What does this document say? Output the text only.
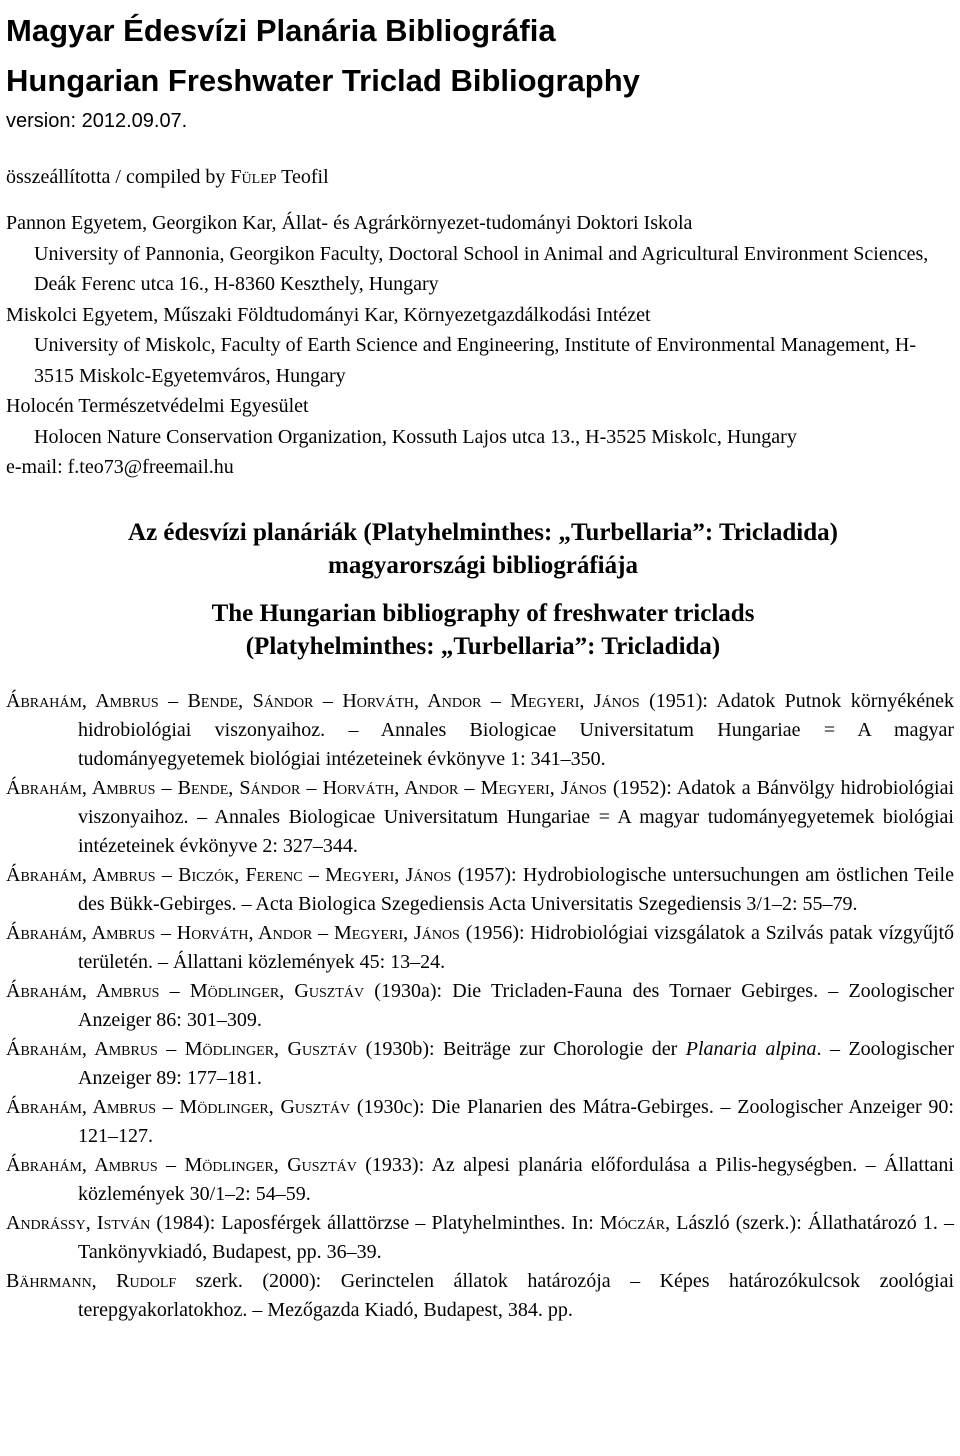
Magyar Édesvízi Planária Bibliográfia

Hungarian Freshwater Triclad Bibliography

version: 2012.09.07.

összeállította / compiled by Fülep Teofil

Pannon Egyetem, Georgikon Kar, Állat- és Agrárkörnyezet-tudományi Doktori Iskola

University of Pannonia, Georgikon Faculty, Doctoral School in Animal and Agricultural Environment Sciences, Deák Ferenc utca 16., H-8360 Keszthely, Hungary

Miskolci Egyetem, Műszaki Földtudományi Kar, Környezetgazdálkodási Intézet

University of Miskolc, Faculty of Earth Science and Engineering, Institute of Environmental Management, H-3515 Miskolc-Egyetemváros, Hungary

Holocén Természetvédelmi Egyesület

Holocen Nature Conservation Organization, Kossuth Lajos utca 13., H-3525 Miskolc, Hungary

e-mail: f.teo73@freemail.hu

Az édesvízi planáriák (Platyhelminthes: „Turbellaria”: Tricladida)

magyarországi bibliográfiája

The Hungarian bibliography of freshwater triclads

(Platyhelminthes: „Turbellaria”: Tricladida)

Ábrahám, Ambrus – Bende, Sándor – Horváth, Andor – Megyeri, János (1951): Adatok Putnok környékének hidrobiológiai viszonyaihoz. – Annales Biologicae Universitatum Hungariae = A magyar tudományegyetemek biológiai intézeteinek évkönyve 1: 341–350.

Ábrahám, Ambrus – Bende, Sándor – Horváth, Andor – Megyeri, János (1952): Adatok a Bánvölgy hidrobiológiai viszonyaihoz. – Annales Biologicae Universitatum Hungariae = A magyar tudományegyetemek biológiai intézeteinek évkönyve 2: 327–344.

Ábrahám, Ambrus – Biczók, Ferenc – Megyeri, János (1957): Hydrobiologische untersuchungen am östlichen Teile des Bükk-Gebirges. – Acta Biologica Szegediensis Acta Universitatis Szegediensis 3/1–2: 55–79.

Ábrahám, Ambrus – Horváth, Andor – Megyeri, János (1956): Hidrobiológiai vizsgálatok a Szilvás patak vízgyűjtő területén. – Állattani közlemények 45: 13–24.

Ábrahám, Ambrus – Mödlinger, Gusztáv (1930a): Die Tricladen-Fauna des Tornaer Gebirges. – Zoologischer Anzeiger 86: 301–309.

Ábrahám, Ambrus – Mödlinger, Gusztáv (1930b): Beiträge zur Chorologie der Planaria alpina. – Zoologischer Anzeiger 89: 177–181.

Ábrahám, Ambrus – Mödlinger, Gusztáv (1930c): Die Planarien des Mátra-Gebirges. – Zoologischer Anzeiger 90: 121–127.

Ábrahám, Ambrus – Mödlinger, Gusztáv (1933): Az alpesi planária előfordulása a Pilis-hegységben. – Állattani közlemények 30/1–2: 54–59.

Andrássy, István (1984): Laposférgek állattörzse – Platyhelminthes. In: Móczár, László (szerk.): Állathatározó 1. – Tankönyvkiadó, Budapest, pp. 36–39.

Bährmann, Rudolf szerk. (2000): Gerinctelen állatok határozója – Képes határozókulcsok zoológiai terepgyakorlatokhoz. – Mezőgazda Kiadó, Budapest, 384. pp.
